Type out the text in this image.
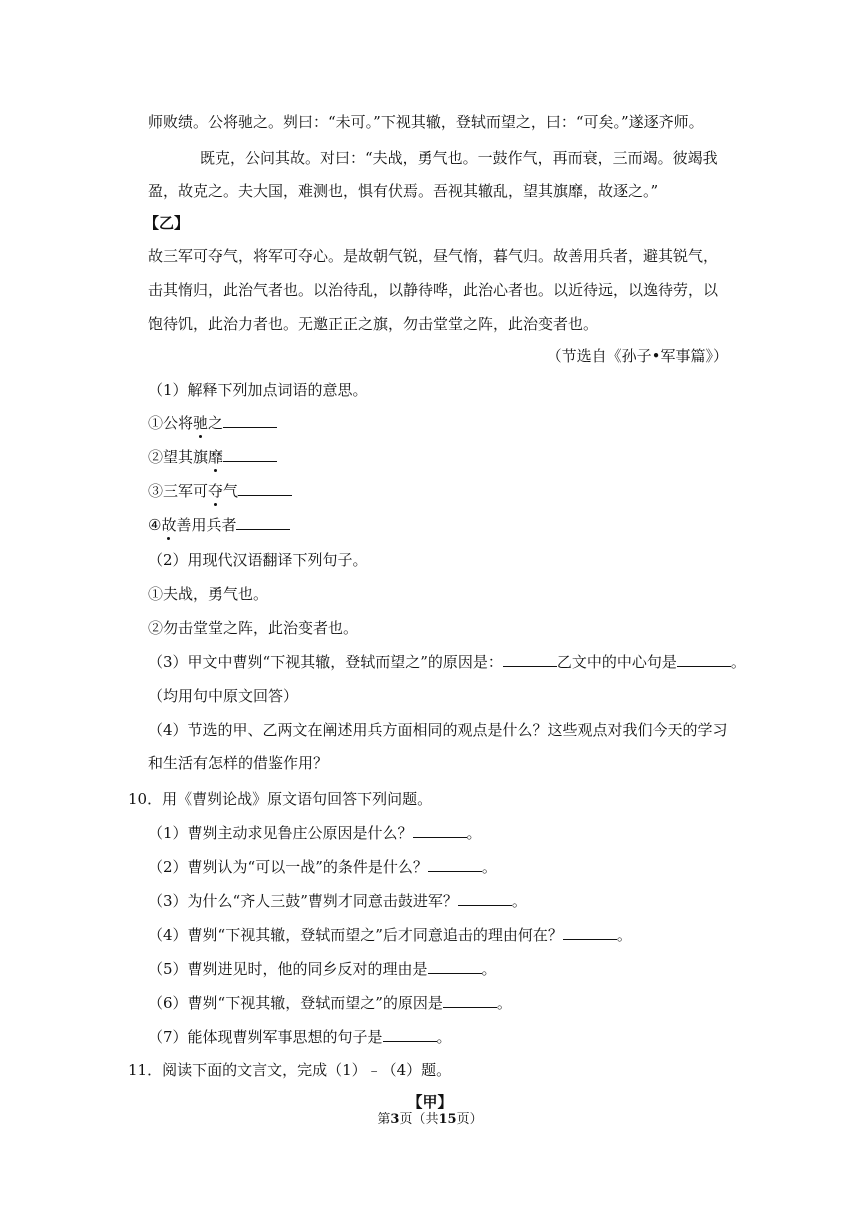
师败绩。公将驰之。刿曰：“未可。”下视其辙，登轼而望之，曰：“可矣。”遂逐齐师。
既克，公问其故。对曰：“夫战，勇气也。一鼓作气，再而衰，三而竭。彼竭我
盈，故克之。夫大国，难测也，惧有伏焉。吾视其辙乱，望其旗靡，故逐之。”
【乙】
故三军可夺气，将军可夺心。是故朝气锐，昼气惰，暮气归。故善用兵者，避其锐气，
击其惰归，此治气者也。以治待乱，以静待哗，此治心者也。以近待远，以逸待劳，以
饱待饥，此治力者也。无邀正正之旗，勿击堂堂之阵，此治变者也。
（节选自《孙子•军事篇》）
（1）解释下列加点词语的意思。
①公将驰之
②望其旗靡
③三军可夺气
④故善用兵者
（2）用现代汉语翻译下列句子。
①夫战，勇气也。
②勿击堂堂之阵，此治变者也。
（3）甲文中曹刿“下视其辙，登轼而望之”的原因是：	乙文中的中心句是	。
（均用句中原文回答）
（4）节选的甲、乙两文在阐述用兵方面相同的观点是什么？这些观点对我们今天的学习
和生活有怎样的借鉴作用？
10．用《曹刿论战》原文语句回答下列问题。
（1）曹刿主动求见鲁庄公原因是什么？	。
（2）曹刿认为“可以一战”的条件是什么？	。
（3）为什么“齐人三鼓”曹刿才同意击鼓进军？	。
（4）曹刿“下视其辙，登轼而望之”后才同意追击的理由何在？	。
（5）曹刿进见时，他的同乡反对的理由是	。
（6）曹刿“下视其辙，登轼而望之”的原因是	。
（7）能体现曹刿军事思想的句子是	。
11．阅读下面的文言文，完成（1）﹣（4）题。
【甲】
第3页（共15页）
